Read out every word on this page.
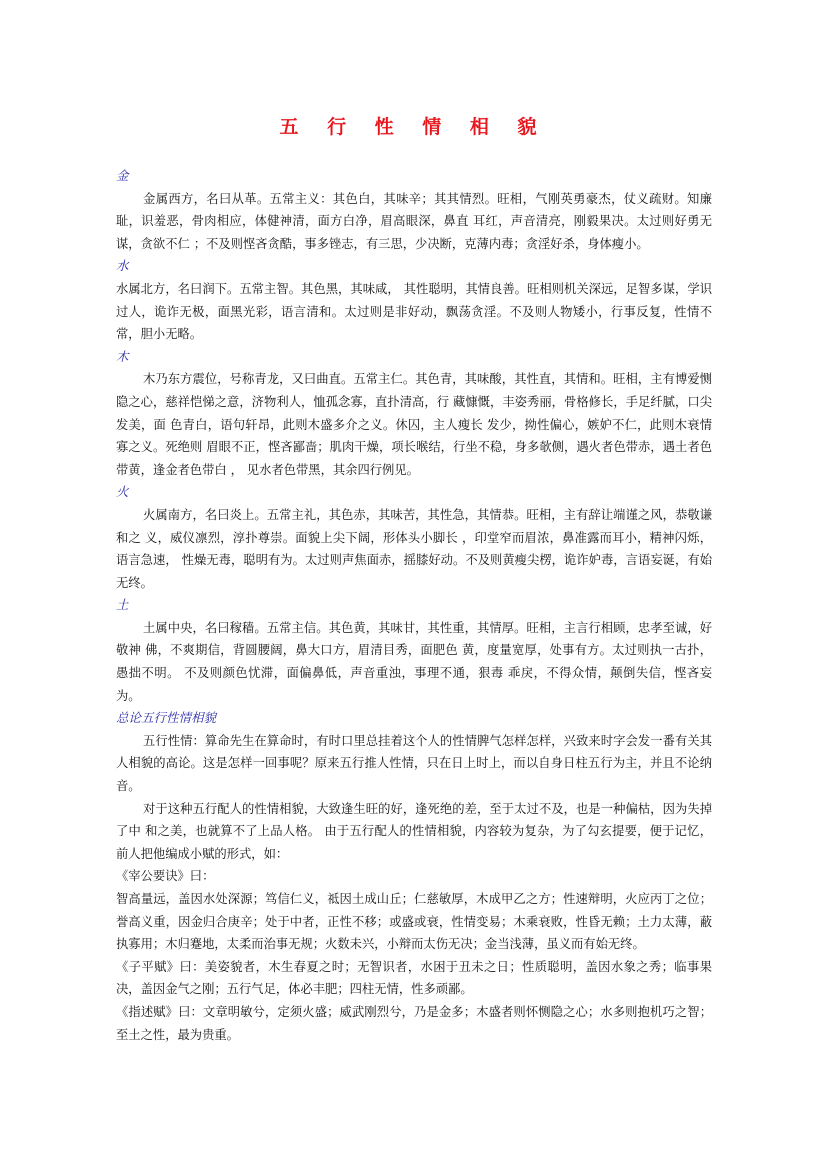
五 行 性 情 相 貌

金

金属西方，名曰从革。五常主义：其色白，其味辛；其其情烈。旺相，气刚英勇豪杰，仗义疏财。知廉耻，识羞恶，骨肉相应，体健神清，面方白净，眉高眼深，鼻直 耳红，声音清亮，刚毅果决。太过则好勇无谋，贪欲不仁 ；不及则悭吝贪酷，事多锉志，有三思，少决断，克薄内毒；贪淫好杀，身体瘦小。

水

水属北方，名曰润下。五常主智。其色黑，其味咸， 其性聪明，其情良善。旺相则机关深远，足智多谋，学识过人，诡诈无极，面黑光彩，语言清和。太过则是非好动，飘荡贪淫。不及则人物矮小，行事反复，性情不常，胆小无略。

木

木乃东方震位，号称青龙，又曰曲直。五常主仁。其色青，其味酸，其性直，其情和。旺相，主有博爱恻隐之心，慈祥恺悌之意，济物利人，恤孤念寡，直扑清高，行 藏慷慨，丰姿秀丽，骨格修长，手足纤腻，口尖发美，面 色青白，语句轩昂，此则木盛多介之义。休囚，主人瘦长 发少，拗性偏心，嫉妒不仁，此则木衰情寡之义。死绝则 眉眼不正，悭吝鄙啬；肌肉干燥，项长喉结，行坐不稳，身多欹侧，遇火者色带赤，遇土者色带黄，逢金者色带白 ， 见水者色带黑，其余四行例见。

火

火属南方，名曰炎上。五常主礼，其色赤，其味苦，其性急，其情恭。旺相，主有辞让端谨之风，恭敬谦和之 义，威仪凛烈，淳扑尊崇。面貌上尖下阔，形体头小脚长 ，印堂窄而眉浓，鼻准露而耳小，精神闪烁，语言急速， 性燥无毒，聪明有为。太过则声焦面赤，摇膝好动。不及则黄瘦尖楞，诡诈妒毒，言语妄诞，有始无终。

土

土属中央，名曰稼穑。五常主信。其色黄，其味甘，其性重，其情厚。旺相，主言行相顾，忠孝至诚，好敬神 佛，不爽期信，背圆腰阔，鼻大口方，眉清目秀，面肥色 黄，度量宽厚，处事有方。太过则执一古扑，愚拙不明。 不及则颜色忧滞，面偏鼻低，声音重浊，事理不通，狠毒 乖戾，不得众情，颠倒失信，悭吝妄为。

总论五行性情相貌

五行性情：算命先生在算命时，有时口里总挂着这个人的性情脾气怎样怎样，兴致来时字会发一番有关其人相貌的高论。这是怎样一回事呢？原来五行推人性情，只在日上时上，而以自身日柱五行为主，并且不论纳音。

对于这种五行配人的性情相貌，大致逢生旺的好，逢死绝的差，至于太过不及，也是一种偏枯，因为失掉了中 和之美，也就算不了上品人格。 由于五行配人的性情相貌，内容较为复杂，为了勾玄提要，便于记忆，前人把他编成小赋的形式，如：

《宰公要诀》曰：

智高量远，盖因水处深源；笃信仁义，祗因土成山丘；仁慈敏厚，木成甲乙之方；性速辩明，火应丙丁之位；誉高义重，因金归合庚辛；处于中者，正性不移；或盛或衰，性情变易；木乘衰败，性昏无赖；土力太薄，蔽执寡用；木归蹇地，太柔而治事无规；火数未兴，小辩而太伤无决；金当浅薄，虽义而有始无终。

《子平赋》曰：美姿貌者，木生春夏之时；无智识者，水困于丑未之日；性质聪明，盖因水象之秀；临事果决，盖因金气之刚；五行气足，体必丰肥；四柱无情，性多顽鄙。

《指述赋》曰：文章明敏兮，定须火盛；威武刚烈兮，乃是金多；木盛者则怀恻隐之心；水多则抱机巧之智；至土之性，最为贵重。
